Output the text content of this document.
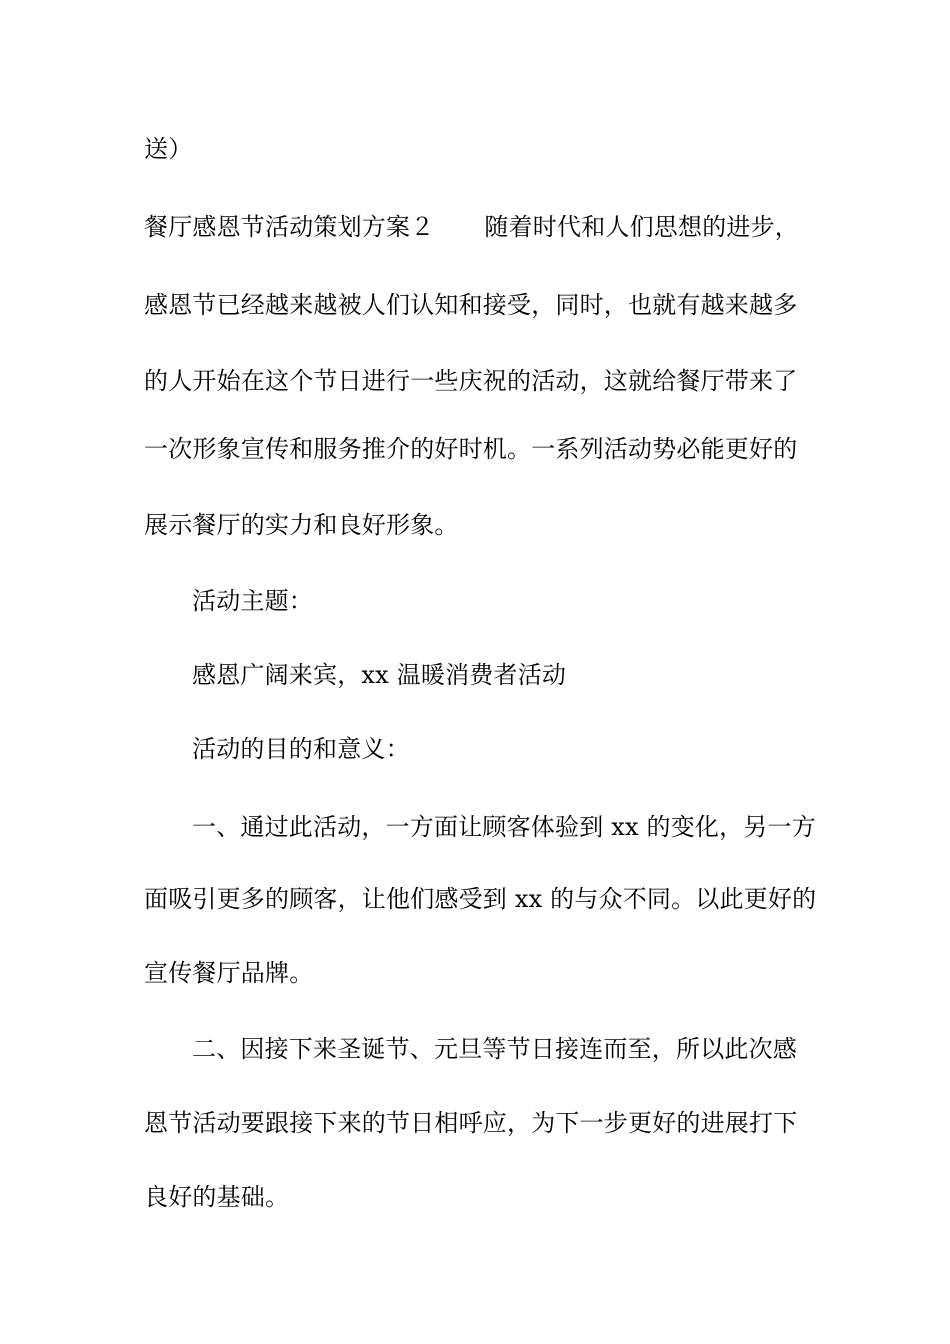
送）
餐厅感恩节活动策划方案２ 随着时代和人们思想的进步，
感恩节已经越来越被人们认知和接受，同时，也就有越来越多
的人开始在这个节日进行一些庆祝的活动，这就给餐厅带来了
一次形象宣传和服务推介的好时机。一系列活动势必能更好的
展示餐厅的实力和良好形象。
活动主题：
感恩广阔来宾，xx 温暖消费者活动
活动的目的和意义：
一、通过此活动，一方面让顾客体验到 xx 的变化，另一方
面吸引更多的顾客，让他们感受到 xx 的与众不同。以此更好的
宣传餐厅品牌。
二、因接下来圣诞节、元旦等节日接连而至，所以此次感
恩节活动要跟接下来的节日相呼应，为下一步更好的进展打下
良好的基础。
